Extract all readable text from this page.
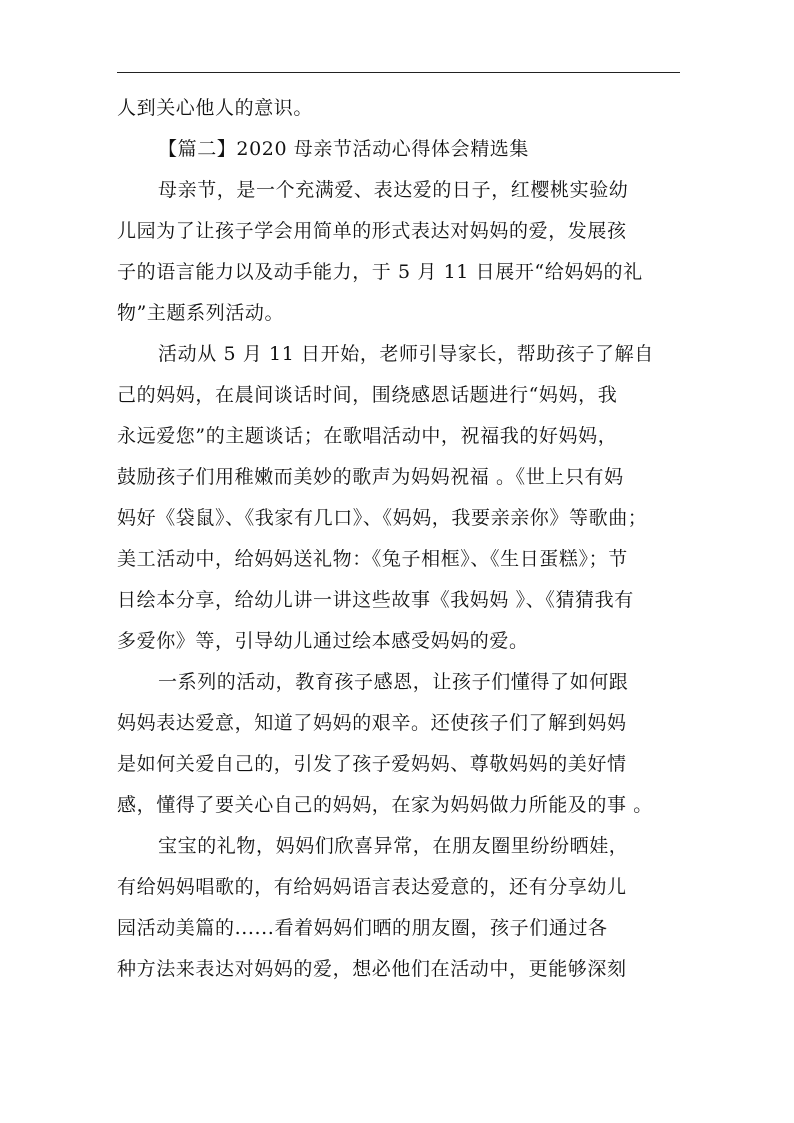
人到关心他人的意识。
【篇二】2020 母亲节活动心得体会精选集
母亲节，是一个充满爱、表达爱的日子，红樱桃实验幼
儿园为了让孩子学会用简单的形式表达对妈妈的爱，发展孩
子的语言能力以及动手能力，于 5 月 11 日展开“给妈妈的礼
物”主题系列活动。
活动从 5 月 11 日开始，老师引导家长，帮助孩子了解自
己的妈妈，在晨间谈话时间，围绕感恩话题进行“妈妈，我
永远爱您”的主题谈话；在歌唱活动中，祝福我的好妈妈，
鼓励孩子们用稚嫩而美妙的歌声为妈妈祝福 。《世上只有妈
妈好《袋鼠》、《我家有几口》、《妈妈，我要亲亲你》等歌曲；
美工活动中，给妈妈送礼物：《兔子相框》、《生日蛋糕》；节
日绘本分享，给幼儿讲一讲这些故事《我妈妈 》、《猜猜我有
多爱你》等，引导幼儿通过绘本感受妈妈的爱。
一系列的活动，教育孩子感恩，让孩子们懂得了如何跟
妈妈表达爱意，知道了妈妈的艰辛。还使孩子们了解到妈妈
是如何关爱自己的，引发了孩子爱妈妈、尊敬妈妈的美好情
感，懂得了要关心自己的妈妈，在家为妈妈做力所能及的事 。
宝宝的礼物，妈妈们欣喜异常，在朋友圈里纷纷晒娃，
有给妈妈唱歌的，有给妈妈语言表达爱意的，还有分享幼儿
园活动美篇的......看着妈妈们晒的朋友圈，孩子们通过各
种方法来表达对妈妈的爱，想必他们在活动中，更能够深刻
